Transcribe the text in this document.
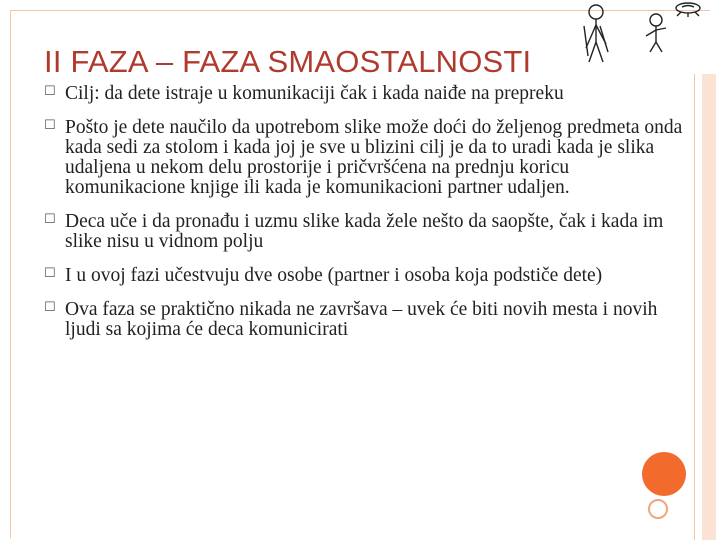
II FAZA – FAZA SMAOSTALNOSTI
☐ Cilj: da dete istraje u komunikaciji čak i kada naiđe na prepreku
☐ Pošto je dete naučilo da upotrebom slike može doći do željenog predmeta onda kada sedi za stolom i kada joj je sve u blizini cilj je da to uradi kada je slika udaljena u nekom delu prostorije i pričvršćena na prednju koricu komunikacione knjige ili kada je komunikacioni partner udaljen.
☐ Deca uče i da pronađu i uzmu slike kada žele nešto da saopšte, čak i kada im slike nisu u vidnom polju
☐ I u ovoj fazi učestvuju dve osobe (partner i osoba koja podstiče dete)
☐ Ova faza se praktično nikada ne završava – uvek će biti novih mesta i novih ljudi sa kojima će deca komunicirati
